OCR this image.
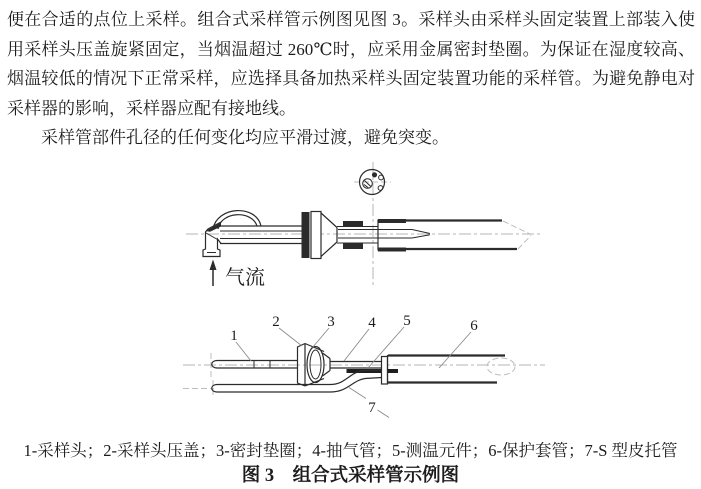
便在合适的点位上采样。组合式采样管示例图见图 3。采样头由采样头固定装置上部装入使
用采样头压盖旋紧固定，当烟温超过 260℃时，应采用金属密封垫圈。为保证在湿度较高、
烟温较低的情况下正常采样，应选择具备加热采样头固定装置功能的采样管。为避免静电对
采样器的影响，采样器应配有接地线。
采样管部件孔径的任何变化均应平滑过渡，避免突变。
气流
1
2	3 4 5	6
7
1-采样头；2-采样头压盖；3-密封垫圈；4-抽气管；5-测温元件；6-保护套管；7-S 型皮托管
图 3　组合式采样管示例图
